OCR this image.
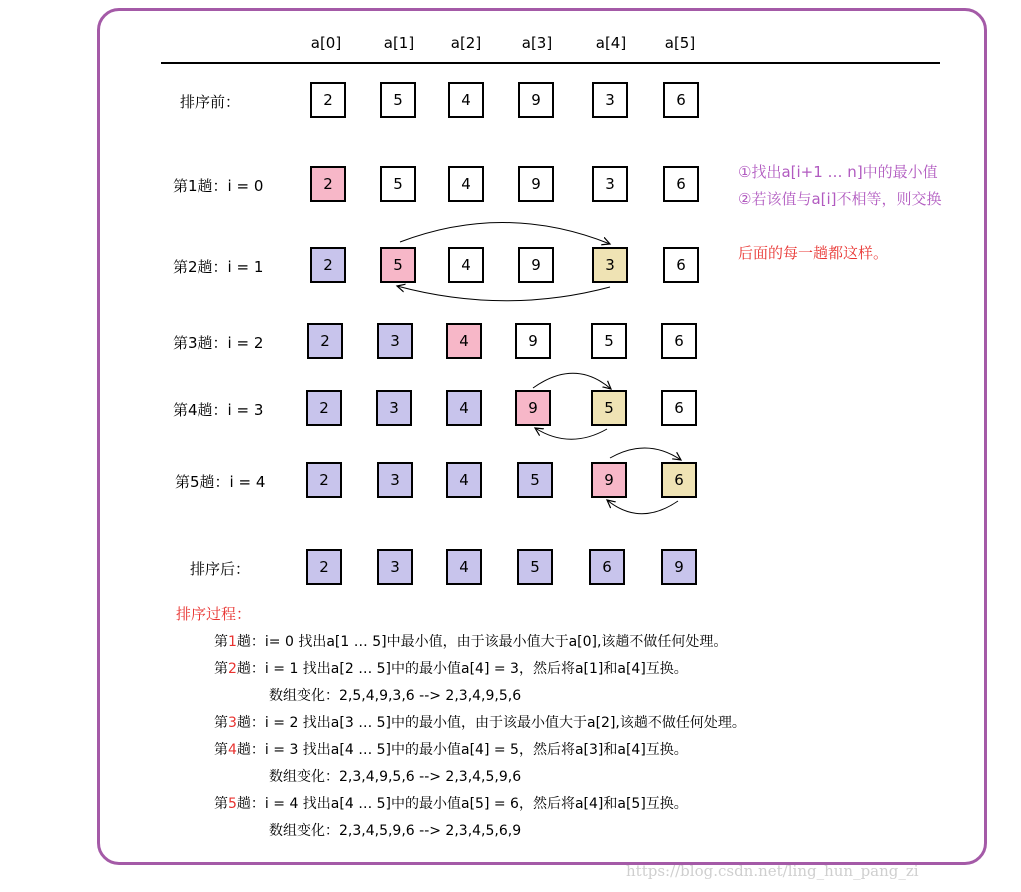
a[0]	a[1]	a[2]	a[3]	a[4]	a[5]
排序前：	2	5	4	9	3	6
第1趟：i = 0	2	5	4	9	3	6
第2趟：i = 1	2	5	4	9	3	6
第3趟：i = 2	2	3	4	9	5	6
第4趟：i = 3	2	3	4	9	5	6
第5趟：i = 4	2	3	4	5	9	6
排序后：	2	3	4	5	6	9
①找出a[i+1 … n]中的最小值
②若该值与a[i]不相等，则交换
后面的每一趟都这样。
排序过程：
第1趟：i= 0 找出a[1 … 5]中最小值，由于该最小值大于a[0],该趟不做任何处理。
第2趟：i = 1 找出a[2 … 5]中的最小值a[4] = 3，然后将a[1]和a[4]互换。
数组变化：2,5,4,9,3,6 --> 2,3,4,9,5,6
第3趟：i = 2 找出a[3 … 5]中的最小值，由于该最小值大于a[2],该趟不做任何处理。
第4趟：i = 3 找出a[4 … 5]中的最小值a[4] = 5，然后将a[3]和a[4]互换。
数组变化：2,3,4,9,5,6 --> 2,3,4,5,9,6
第5趟：i = 4 找出a[4 … 5]中的最小值a[5] = 6，然后将a[4]和a[5]互换。
数组变化：2,3,4,5,9,6 --> 2,3,4,5,6,9
https://blog.csdn.net/ling_hun_pang_zi
